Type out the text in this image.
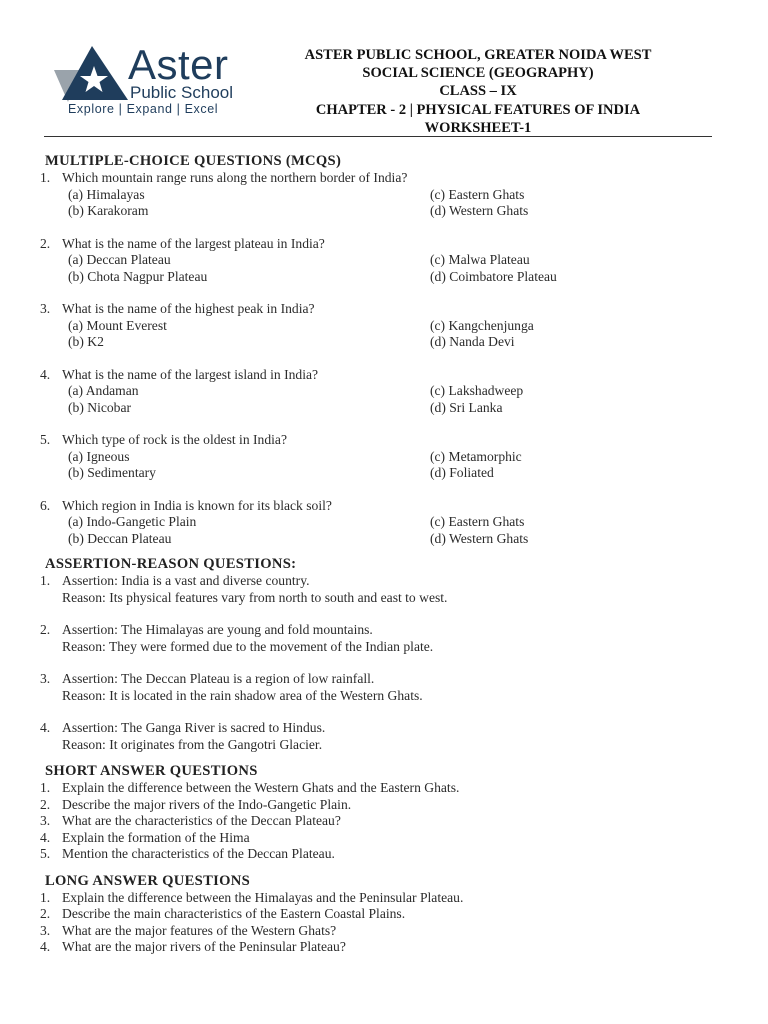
Aster
Public School
Explore | Expand | Excel
ASTER PUBLIC SCHOOL, GREATER NOIDA WEST
SOCIAL SCIENCE (GEOGRAPHY)
CLASS – IX
CHAPTER - 2 | PHYSICAL FEATURES OF INDIA
WORKSHEET-1
MULTIPLE-CHOICE QUESTIONS (MCQS)
1. Which mountain range runs along the northern border of India?
(a) Himalayas
(b) Karakoram
(c) Eastern Ghats
(d) Western Ghats
2. What is the name of the largest plateau in India?
(a) Deccan Plateau
(b) Chota Nagpur Plateau
(c) Malwa Plateau
(d) Coimbatore Plateau
3. What is the name of the highest peak in India?
(a) Mount Everest
(b) K2
(c) Kangchenjunga
(d) Nanda Devi
4. What is the name of the largest island in India?
(a) Andaman
(b) Nicobar
(c) Lakshadweep
(d) Sri Lanka
5. Which type of rock is the oldest in India?
(a) Igneous
(b) Sedimentary
(c) Metamorphic
(d) Foliated
6. Which region in India is known for its black soil?
(a) Indo-Gangetic Plain
(b) Deccan Plateau
(c) Eastern Ghats
(d) Western Ghats
ASSERTION-REASON QUESTIONS:
1. Assertion: India is a vast and diverse country.
Reason: Its physical features vary from north to south and east to west.
2. Assertion: The Himalayas are young and fold mountains.
Reason: They were formed due to the movement of the Indian plate.
3. Assertion: The Deccan Plateau is a region of low rainfall.
Reason: It is located in the rain shadow area of the Western Ghats.
4. Assertion: The Ganga River is sacred to Hindus.
Reason: It originates from the Gangotri Glacier.
SHORT ANSWER QUESTIONS
1. Explain the difference between the Western Ghats and the Eastern Ghats.
2. Describe the major rivers of the Indo-Gangetic Plain.
3. What are the characteristics of the Deccan Plateau?
4. Explain the formation of the Hima
5. Mention the characteristics of the Deccan Plateau.
LONG ANSWER QUESTIONS
1. Explain the difference between the Himalayas and the Peninsular Plateau.
2. Describe the main characteristics of the Eastern Coastal Plains.
3. What are the major features of the Western Ghats?
4. What are the major rivers of the Peninsular Plateau?
